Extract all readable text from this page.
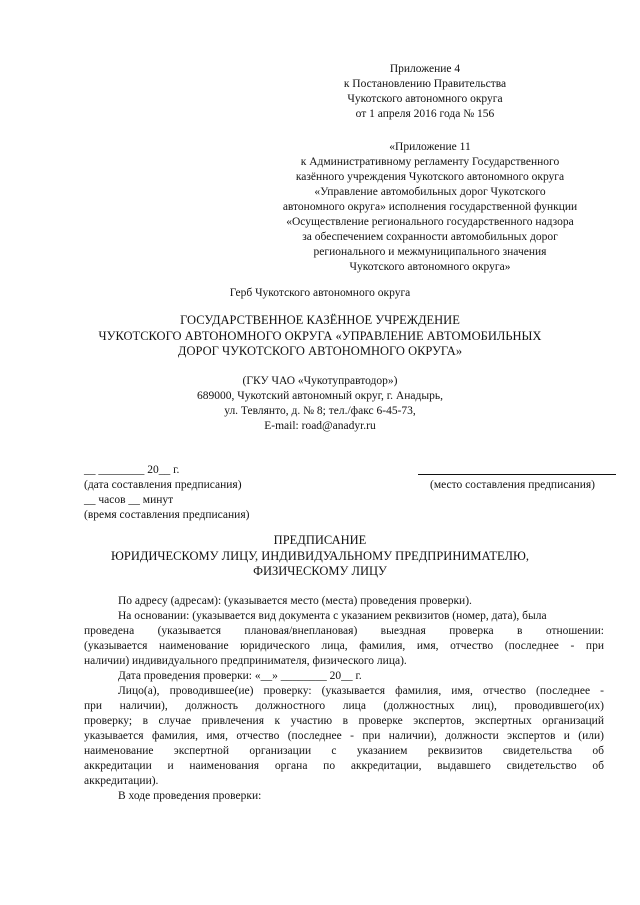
Приложение 4
к Постановлению Правительства
Чукотского автономного округа
от 1 апреля 2016 года № 156
«Приложение 11
к Административному регламенту Государственного
казённого учреждения Чукотского автономного округа
«Управление автомобильных дорог Чукотского
автономного округа» исполнения государственной функции
«Осуществление регионального государственного надзора
за обеспечением сохранности автомобильных дорог
регионального и межмуниципального значения
Чукотского автономного округа»
Герб Чукотского автономного округа
ГОСУДАРСТВЕННОЕ КАЗЁННОЕ УЧРЕЖДЕНИЕ
ЧУКОТСКОГО АВТОНОМНОГО ОКРУГА «УПРАВЛЕНИЕ АВТОМОБИЛЬНЫХ
ДОРОГ ЧУКОТСКОГО АВТОНОМНОГО ОКРУГА»
(ГКУ ЧАО «Чукотуправтодор»)
689000, Чукотский автономный округ, г. Анадырь,
ул. Тевлянто, д. № 8; тел./факс 6-45-73,
E-mail: road@anadyr.ru
__ ________ 20__ г.
(дата составления предписания)
__ часов __ минут
(время составления предписания)
(место составления предписания)
ПРЕДПИСАНИЕ
ЮРИДИЧЕСКОМУ ЛИЦУ, ИНДИВИДУАЛЬНОМУ ПРЕДПРИНИМАТЕЛЮ,
ФИЗИЧЕСКОМУ ЛИЦУ
По адресу (адресам): (указывается место (места) проведения проверки).
На основании: (указывается вид документа с указанием реквизитов (номер, дата), была
проведена (указывается плановая/внеплановая) выездная проверка в отношении:
(указывается наименование юридического лица, фамилия, имя, отчество (последнее - при
наличии) индивидуального предпринимателя, физического лица).
Дата проведения проверки: «__» ________ 20__ г.
Лицо(а), проводившее(ие) проверку: (указывается фамилия, имя, отчество (последнее -
при наличии), должность должностного лица (должностных лиц), проводившего(их)
проверку; в случае привлечения к участию в проверке экспертов, экспертных организаций
указывается фамилия, имя, отчество (последнее - при наличии), должности экспертов и (или)
наименование экспертной организации с указанием реквизитов свидетельства об
аккредитации и наименования органа по аккредитации, выдавшего свидетельство об
аккредитации).
В ходе проведения проверки:
